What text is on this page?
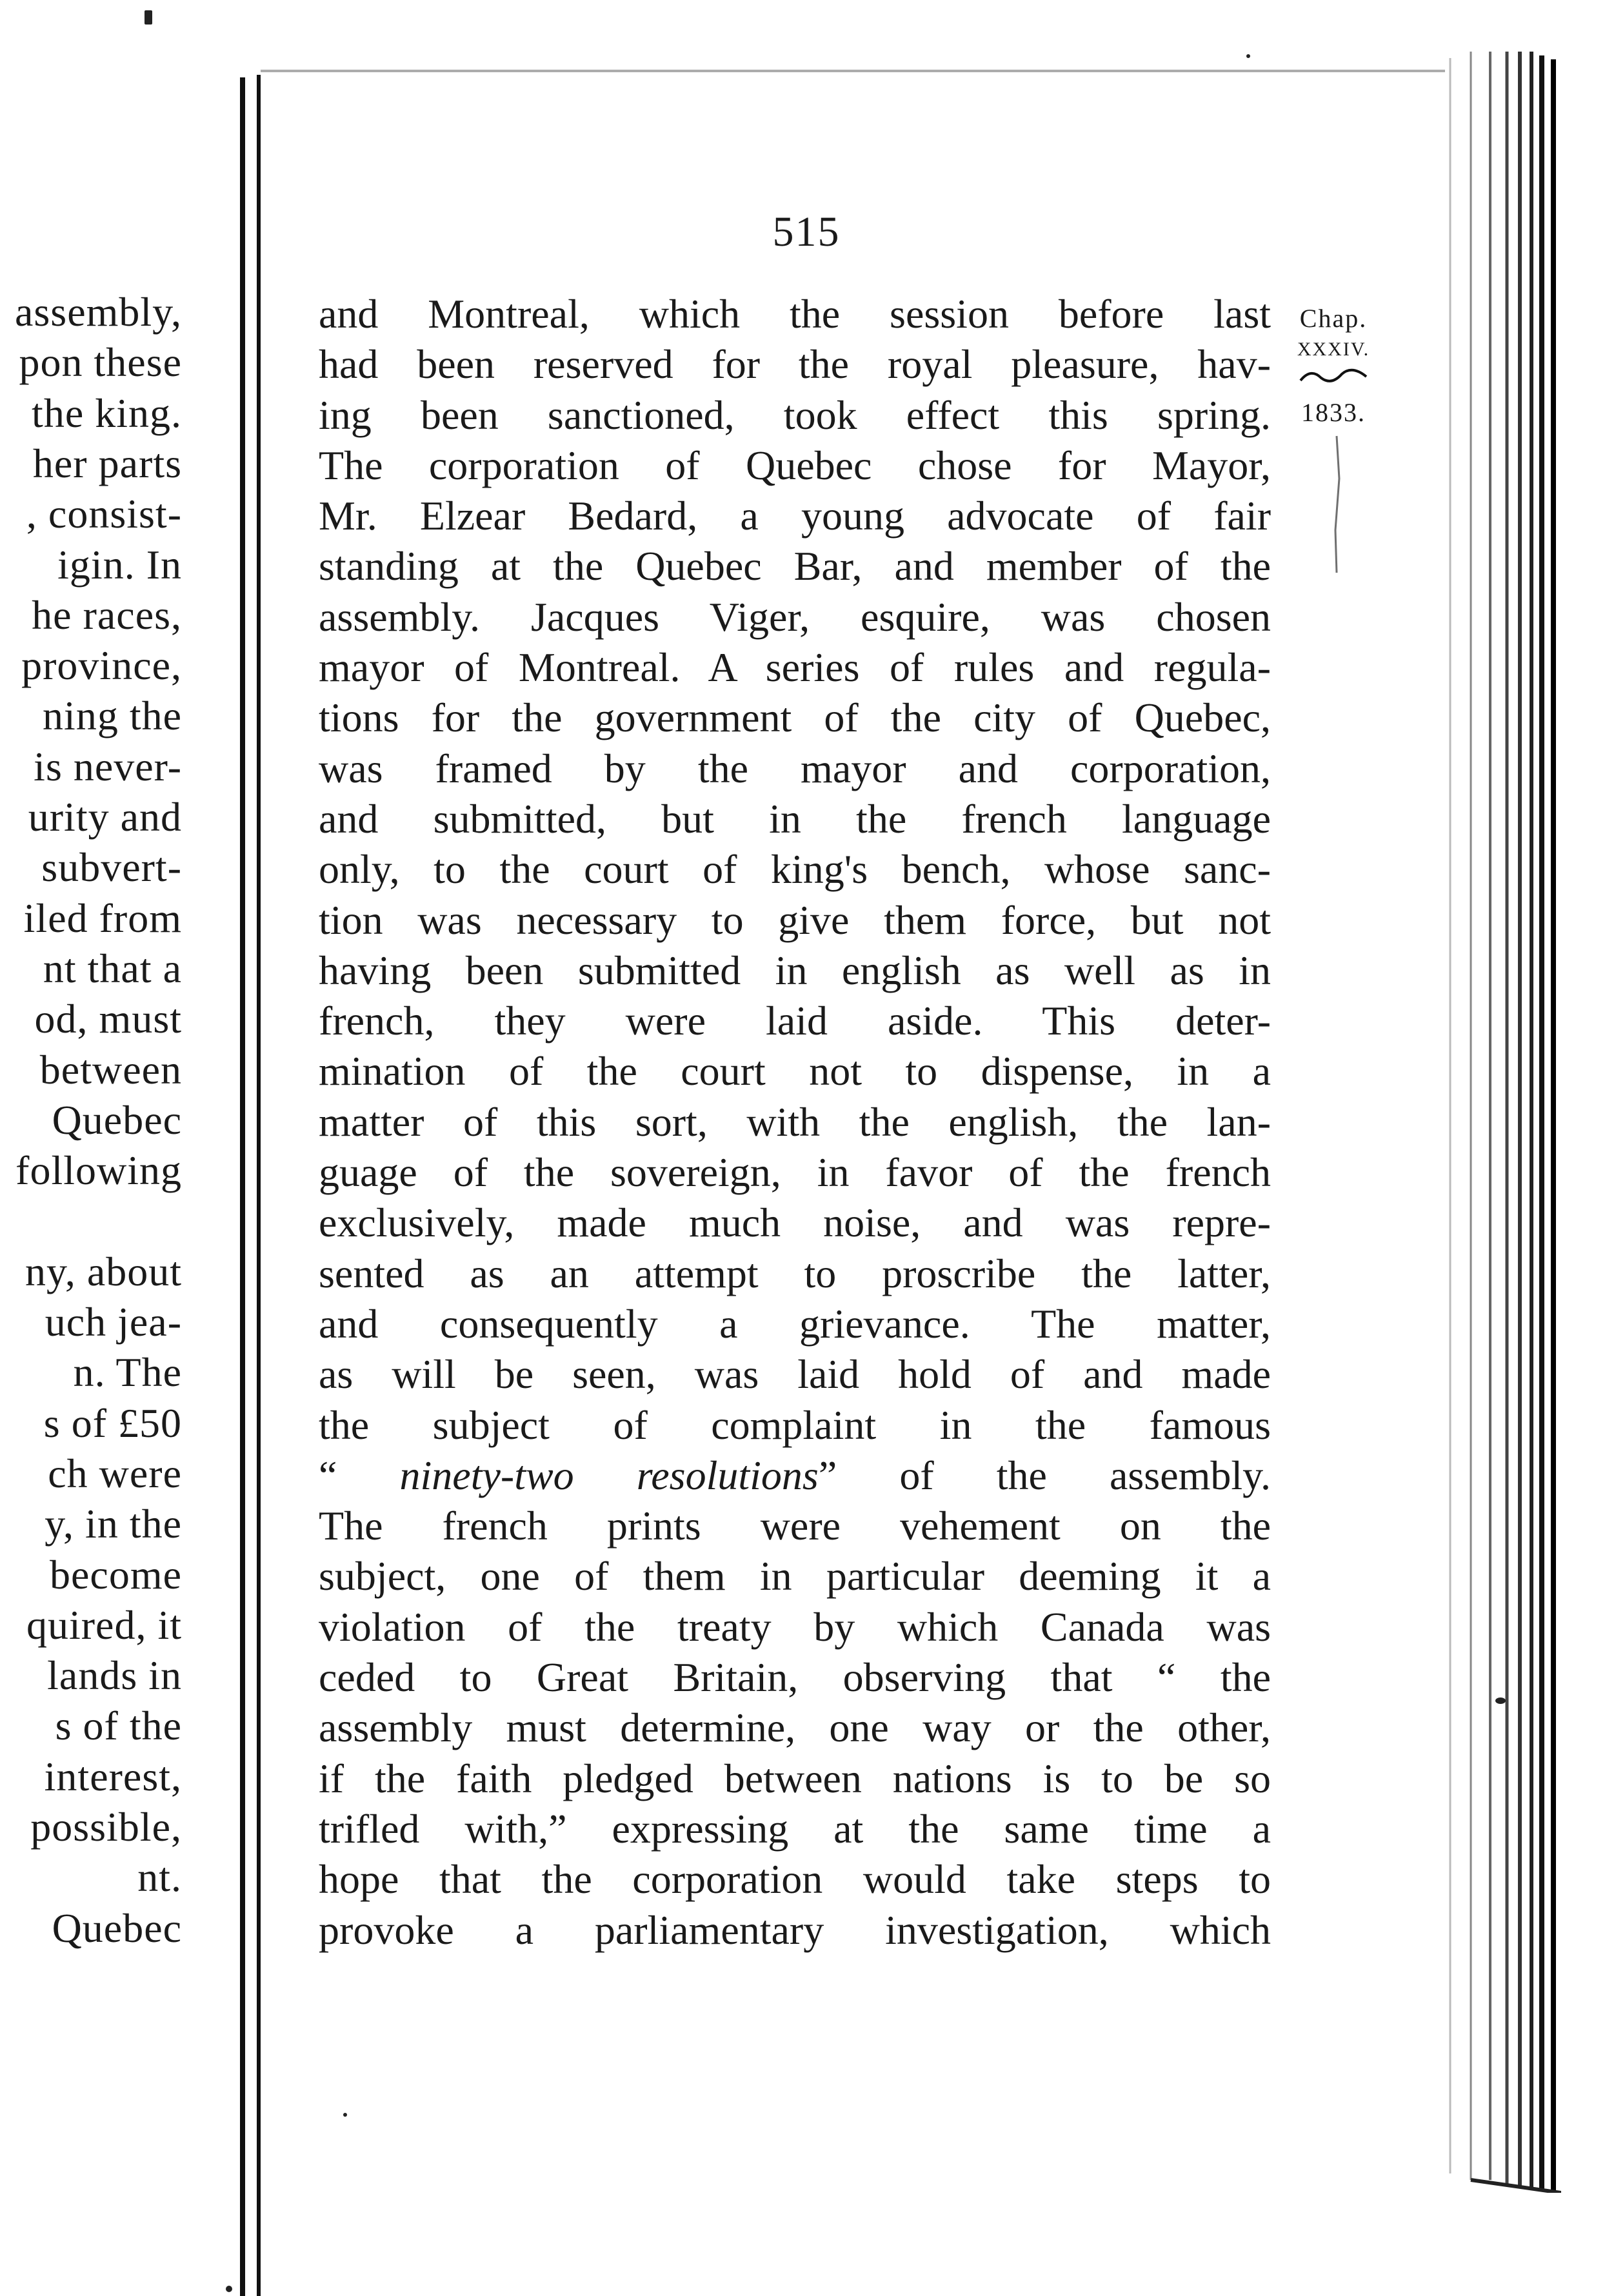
assembly,
pon these
the king.
her parts
, consist-
igin. In
he races,
province,
ning the
is never-
urity and
subvert-
iled from
nt that a
od, must
between
Quebec
following
ny, about
uch jea-
n. The
s of £50
ch were
y, in the
become
quired, it
lands in
s of the
interest,
possible,
nt.
Quebec
515
and Montreal, which the session before last
had been reserved for the royal pleasure, hav-
ing been sanctioned, took effect this spring.
The corporation of Quebec chose for Mayor,
Mr. Elzear Bedard, a young advocate of fair
standing at the Quebec Bar, and member of the
assembly. Jacques Viger, esquire, was chosen
mayor of Montreal. A series of rules and regula-
tions for the government of the city of Quebec,
was framed by the mayor and corporation,
and submitted, but in the french language
only, to the court of king's bench, whose sanc-
tion was necessary to give them force, but not
having been submitted in english as well as in
french, they were laid aside. This deter-
mination of the court not to dispense, in a
matter of this sort, with the english, the lan-
guage of the sovereign, in favor of the french
exclusively, made much noise, and was repre-
sented as an attempt to proscribe the latter,
and consequently a grievance. The matter,
as will be seen, was laid hold of and made
the subject of complaint in the famous
“ ninety-two resolutions” of the assembly.
The french prints were vehement on the
subject, one of them in particular deeming it a
violation of the treaty by which Canada was
ceded to Great Britain, observing that “ the
assembly must determine, one way or the other,
if the faith pledged between nations is to be so
trifled with,” expressing at the same time a
hope that the corporation would take steps to
provoke a parliamentary investigation, which
Chap.
XXXIV.
1833.
